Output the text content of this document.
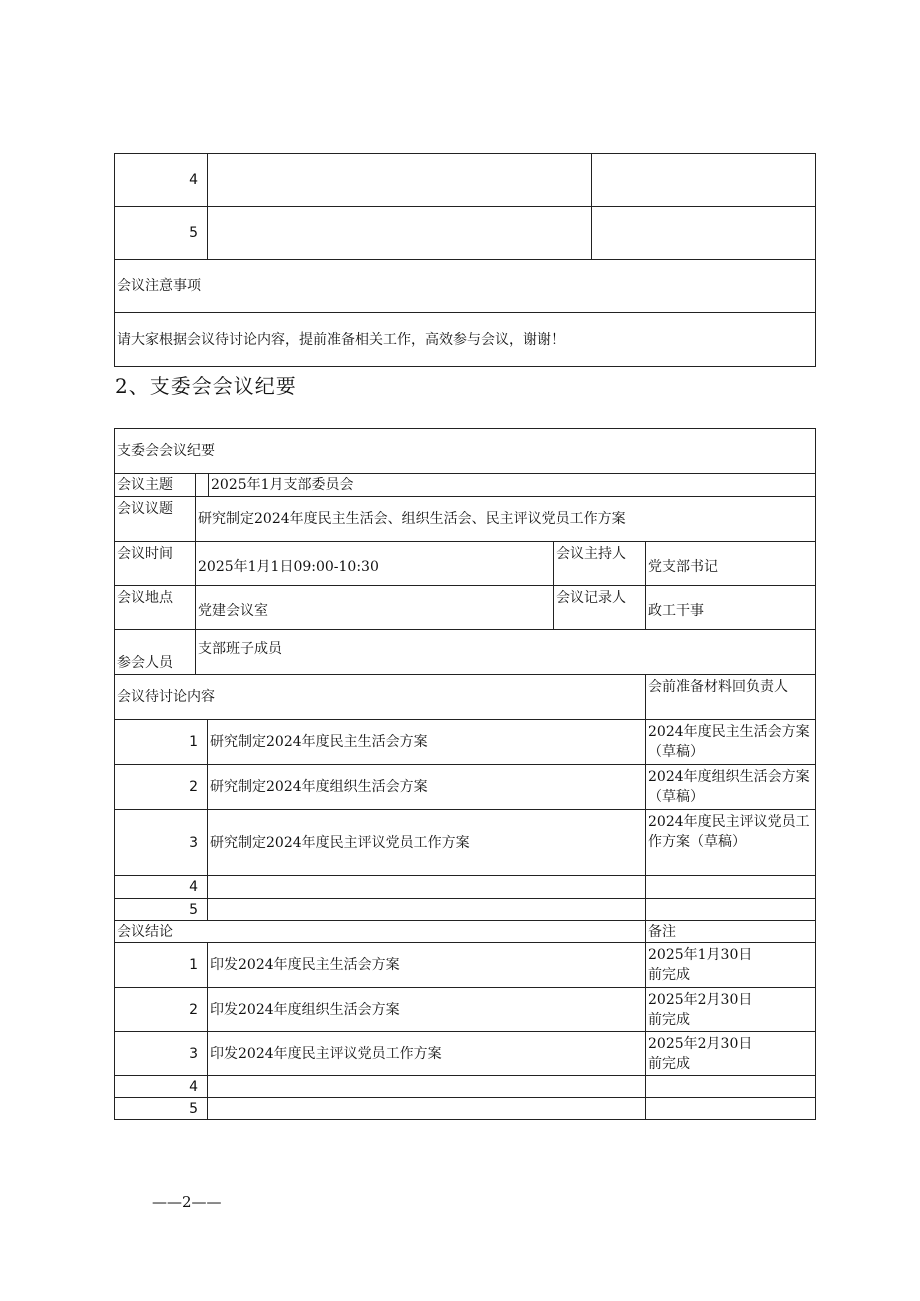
4		
5		
会议注意事项		
请大家根据会议待讨论内容，提前准备相关工作，高效参与会议，谢谢！		
2、支委会会议纪要
支委会会议纪要				
会议主题	2025年1月支部委员会			

会议议题	研究制定2024年度民主生活会、组织生活会、民主评议党员工作方案			
会议时间	2025年1月1日09:00-10:30		会议主持人	党支部书记
会议地点	党建会议室		会议记录人	政工干事
参会人员	支部班子成员			
会议待讨论内容				会前准备材料回负责人
1		研究制定2024年度民主生活会方案		2024年度民主生活会方案（草稿）
2		研究制定2024年度组织生活会方案		2024年度组织生活会方案（草稿）
3		研究制定2024年度民主评议党员工作方案		2024年度民主评议党员工作方案（草稿）
4				
5				
会议结论				备注
1		印发2024年度民主生活会方案		2025年1月30日前完成
2		印发2024年度组织生活会方案		2025年2月30日前完成
3		印发2024年度民主评议党员工作方案		2025年2月30日前完成
4				
5				
——2——
